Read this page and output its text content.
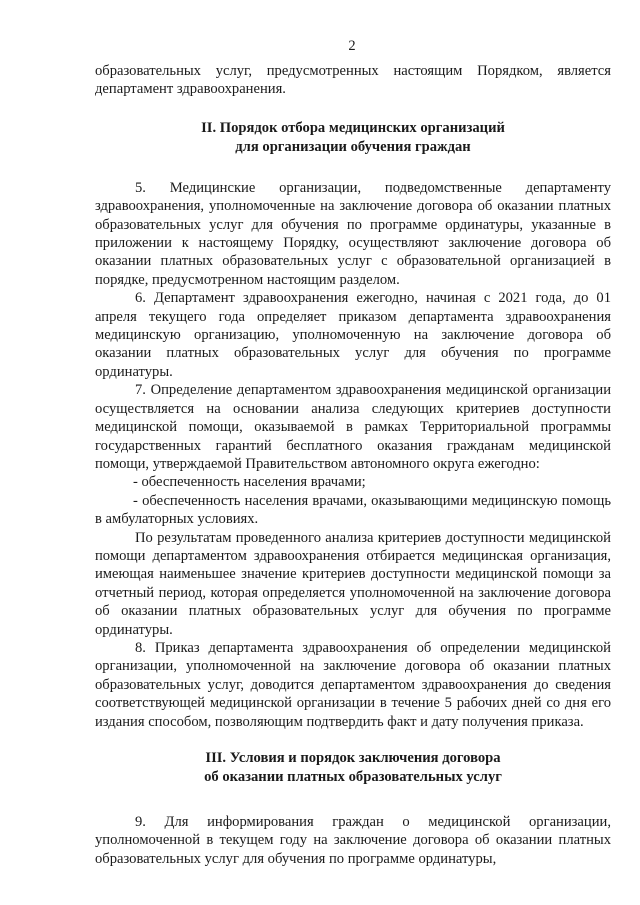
2

образовательных услуг, предусмотренных настоящим Порядком, является департамент здравоохранения.

II. Порядок отбора медицинских организаций
для организации обучения граждан

5. Медицинские организации, подведомственные департаменту здравоохранения, уполномоченные на заключение договора об оказании платных образовательных услуг для обучения по программе ординатуры, указанные в приложении к настоящему Порядку, осуществляют заключение договора об оказании платных образовательных услуг с образовательной организацией в порядке, предусмотренном настоящим разделом.

6. Департамент здравоохранения ежегодно, начиная с 2021 года, до 01 апреля текущего года определяет приказом департамента здравоохранения медицинскую организацию, уполномоченную на заключение договора об оказании платных образовательных услуг для обучения по программе ординатуры.

7. Определение департаментом здравоохранения медицинской организации осуществляется на основании анализа следующих критериев доступности медицинской помощи, оказываемой в рамках Территориальной программы государственных гарантий бесплатного оказания гражданам медицинской помощи, утверждаемой Правительством автономного округа ежегодно:

- обеспеченность населения врачами;

- обеспеченность населения врачами, оказывающими медицинскую помощь в амбулаторных условиях.

По результатам проведенного анализа критериев доступности медицинской помощи департаментом здравоохранения отбирается медицинская организация, имеющая наименьшее значение критериев доступности медицинской помощи за отчетный период, которая определяется уполномоченной на заключение договора об оказании платных образовательных услуг для обучения по программе ординатуры.

8. Приказ департамента здравоохранения об определении медицинской организации, уполномоченной на заключение договора об оказании платных образовательных услуг, доводится департаментом здравоохранения до сведения соответствующей медицинской организации в течение 5 рабочих дней со дня его издания способом, позволяющим подтвердить факт и дату получения приказа.

III. Условия и порядок заключения договора
об оказании платных образовательных услуг

9. Для информирования граждан о медицинской организации, уполномоченной в текущем году на заключение договора об оказании платных образовательных услуг для обучения по программе ординатуры,
